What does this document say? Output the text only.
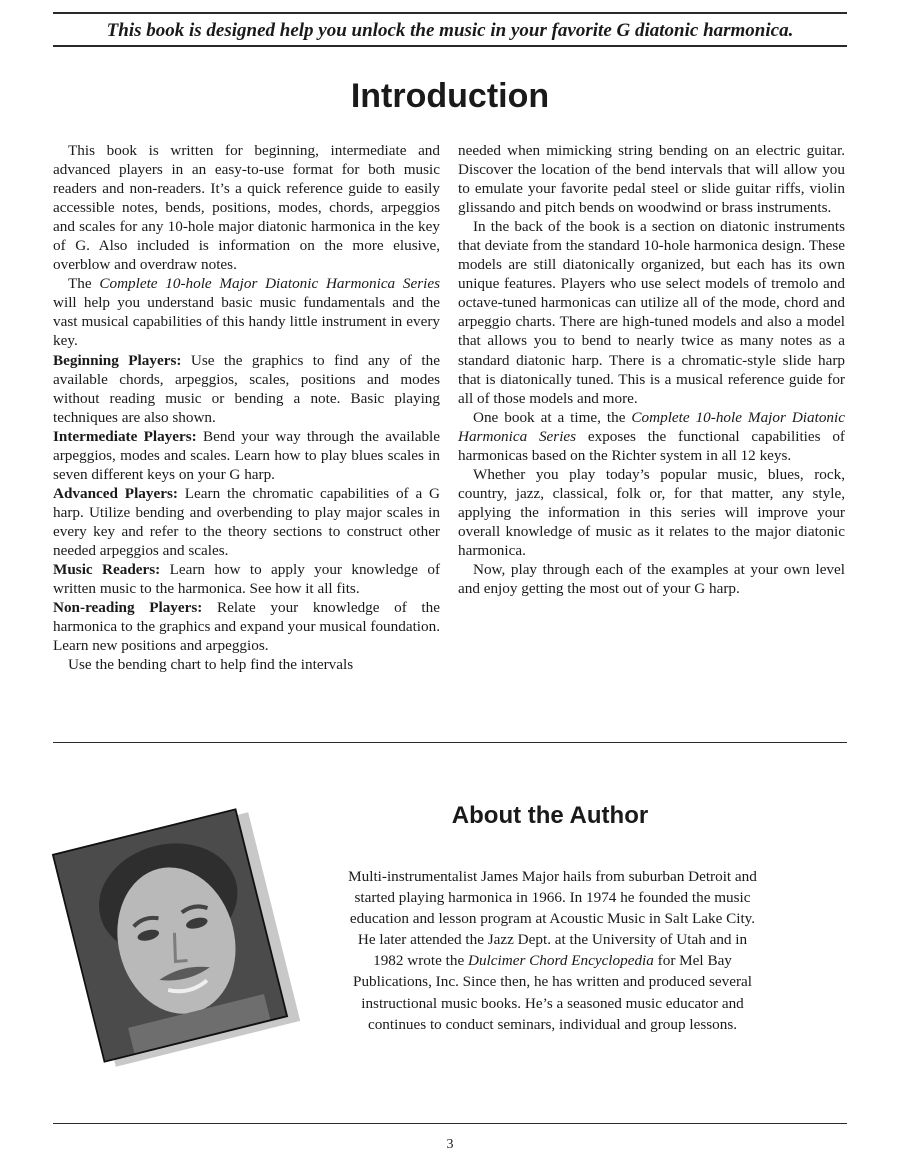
This book is designed help you unlock the music in your favorite G diatonic harmonica.
Introduction

This book is written for beginning, intermediate and advanced players in an easy-to-use format for both music readers and non-readers. It’s a quick reference guide to easily accessible notes, bends, positions, modes, chords, arpeggios and scales for any 10-hole major diatonic harmonica in the key of G. Also included is information on the more elusive, overblow and overdraw notes.

The Complete 10-hole Major Diatonic Harmonica Series will help you understand basic music fundamentals and the vast musical capabilities of this handy little instrument in every key.

Beginning Players: Use the graphics to find any of the available chords, arpeggios, scales, positions and modes without reading music or bending a note. Basic playing techniques are also shown.

Intermediate Players: Bend your way through the available arpeggios, modes and scales. Learn how to play blues scales in seven different keys on your G harp.

Advanced Players: Learn the chromatic capabilities of a G harp. Utilize bending and overbending to play major scales in every key and refer to the theory sections to construct other needed arpeggios and scales.

Music Readers: Learn how to apply your knowledge of written music to the harmonica. See how it all fits.

Non-reading Players: Relate your knowledge of the harmonica to the graphics and expand your musical foundation. Learn new positions and arpeggios.

Use the bending chart to help find the intervals

needed when mimicking string bending on an electric guitar. Discover the location of the bend intervals that will allow you to emulate your favorite pedal steel or slide guitar riffs, violin glissando and pitch bends on woodwind or brass instruments.

In the back of the book is a section on diatonic instruments that deviate from the standard 10-hole harmonica design. These models are still diatonically organized, but each has its own unique features. Players who use select models of tremolo and octave-tuned harmonicas can utilize all of the mode, chord and arpeggio charts. There are high-tuned models and also a model that allows you to bend to nearly twice as many notes as a standard diatonic harp. There is a chromatic-style slide harp that is diatonically tuned. This is a musical reference guide for all of those models and more.

One book at a time, the Complete 10-hole Major Diatonic Harmonica Series exposes the functional capabilities of harmonicas based on the Richter system in all 12 keys.

Whether you play today’s popular music, blues, rock, country, jazz, classical, folk or, for that matter, any style, applying the information in this series will improve your overall knowledge of music as it relates to the major diatonic harmonica.

Now, play through each of the examples at your own level and enjoy getting the most out of your G harp.

About the Author
Multi-instrumentalist James Major hails from suburban Detroit and
started playing harmonica in 1966. In 1974 he founded the music
education and lesson program at Acoustic Music in Salt Lake City.
He later attended the Jazz Dept. at the University of Utah and in
1982 wrote the Dulcimer Chord Encyclopedia for Mel Bay
Publications, Inc. Since then, he has written and produced several
instructional music books. He’s a seasoned music educator and
continues to conduct seminars, individual and group lessons.
3
